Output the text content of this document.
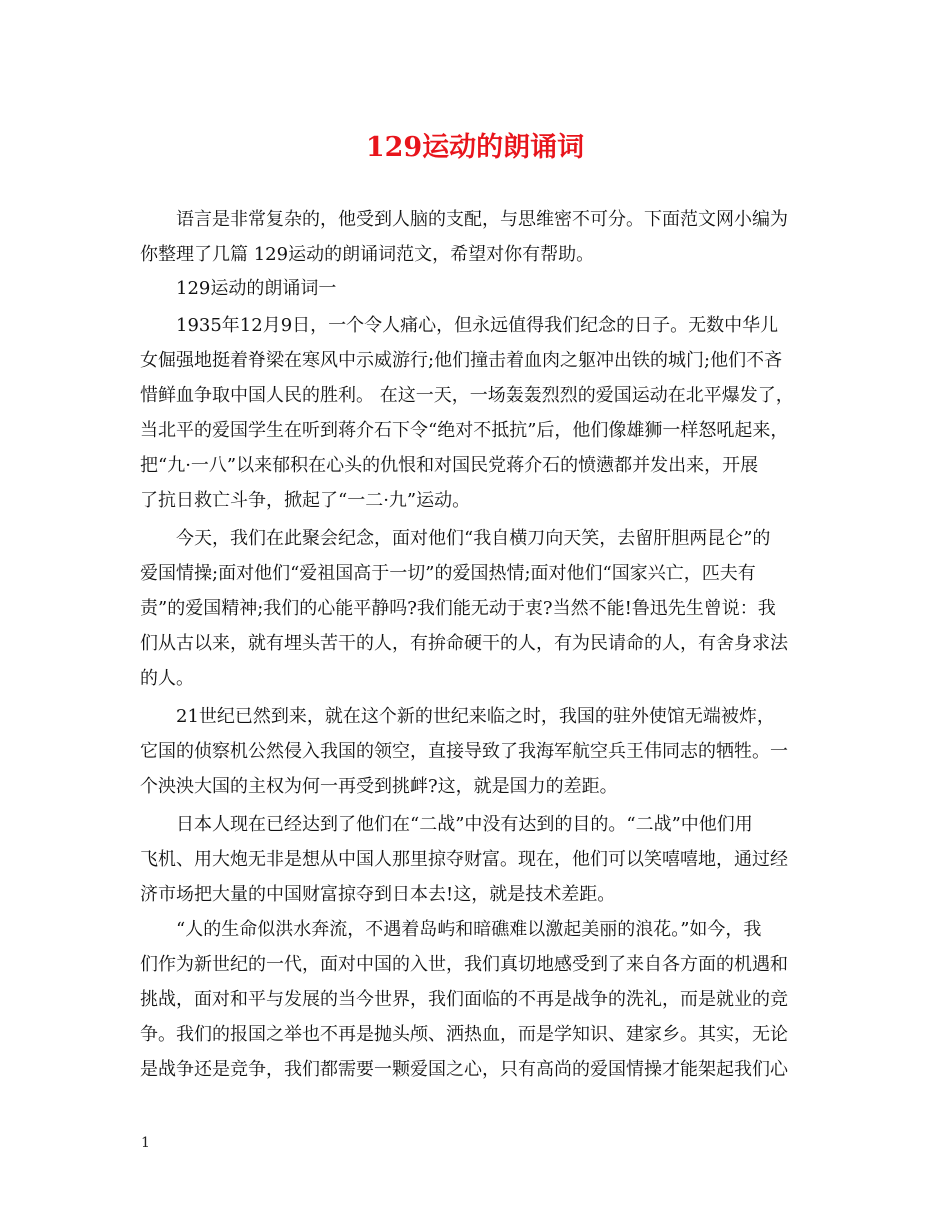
129运动的朗诵词
语言是非常复杂的，他受到人脑的支配，与思维密不可分。下面范文网小编为
你整理了几篇 129运动的朗诵词范文，希望对你有帮助。
129运动的朗诵词一
1935年12月9日，一个令人痛心，但永远值得我们纪念的日子。无数中华儿
女倔强地挺着脊梁在寒风中示威游行;他们撞击着血肉之躯冲出铁的城门;他们不吝
惜鲜血争取中国人民的胜利。 在这一天，一场轰轰烈烈的爱国运动在北平爆发了，
当北平的爱国学生在听到蒋介石下令“绝对不抵抗”后，他们像雄狮一样怒吼起来，
把“九·一八”以来郁积在心头的仇恨和对国民党蒋介石的愤懑都并发出来，开展
了抗日救亡斗争，掀起了“一二·九”运动。
今天，我们在此聚会纪念，面对他们“我自横刀向天笑，去留肝胆两昆仑”的
爱国情操;面对他们“爱祖国高于一切”的爱国热情;面对他们“国家兴亡，匹夫有
责”的爱国精神;我们的心能平静吗?我们能无动于衷?当然不能!鲁迅先生曾说：我
们从古以来，就有埋头苦干的人，有拚命硬干的人，有为民请命的人，有舍身求法
的人。
21世纪已然到来，就在这个新的世纪来临之时，我国的驻外使馆无端被炸，
它国的侦察机公然侵入我国的领空，直接导致了我海军航空兵王伟同志的牺牲。一
个泱泱大国的主权为何一再受到挑衅?这，就是国力的差距。
日本人现在已经达到了他们在“二战”中没有达到的目的。“二战”中他们用
飞机、用大炮无非是想从中国人那里掠夺财富。现在，他们可以笑嘻嘻地，通过经
济市场把大量的中国财富掠夺到日本去!这，就是技术差距。
“人的生命似洪水奔流，不遇着岛屿和暗礁难以激起美丽的浪花。”如今，我
们作为新世纪的一代，面对中国的入世，我们真切地感受到了来自各方面的机遇和
挑战，面对和平与发展的当今世界，我们面临的不再是战争的洗礼，而是就业的竞
争。我们的报国之举也不再是抛头颅、洒热血，而是学知识、建家乡。其实，无论
是战争还是竞争，我们都需要一颗爱国之心，只有高尚的爱国情操才能架起我们心
1
